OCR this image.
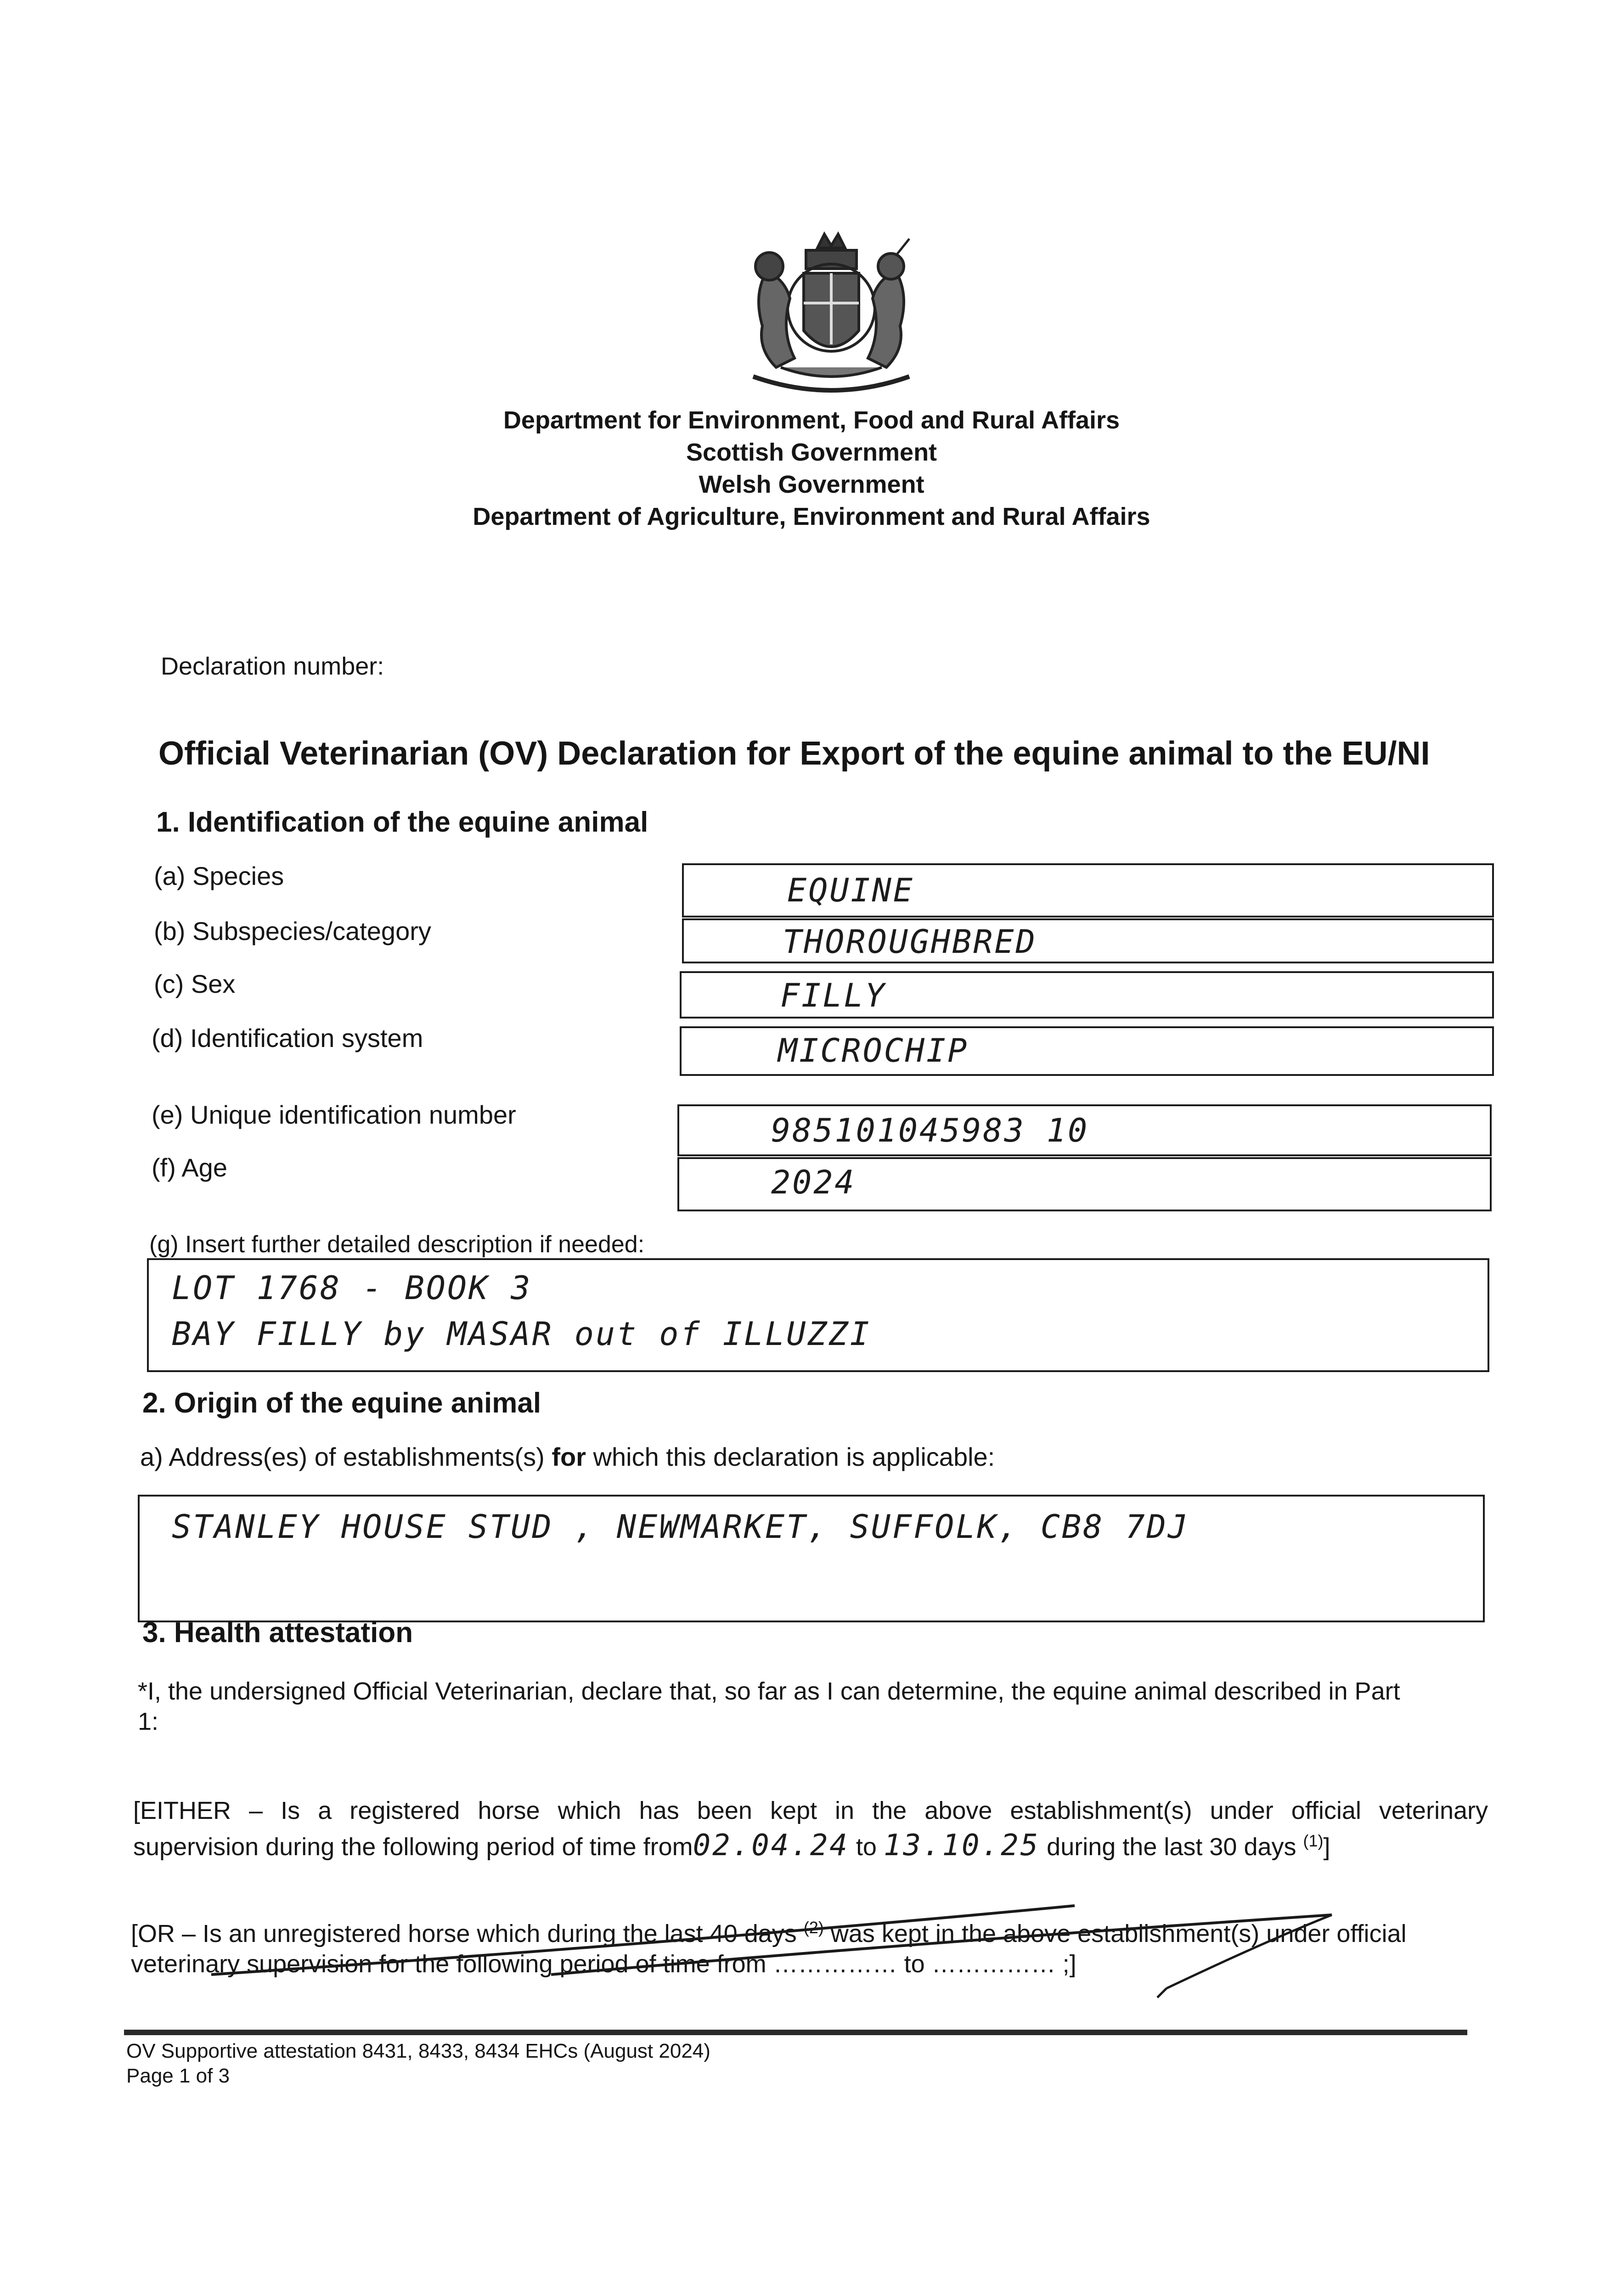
Department for Environment, Food and Rural Affairs
Scottish Government
Welsh Government
Department of Agriculture, Environment and Rural Affairs
Declaration number:
Official Veterinarian (OV) Declaration for Export of the equine animal to the EU/NI
1. Identification of the equine animal
(a) Species	EQUINE
(b) Subspecies/category	THOROUGHBRED
(c) Sex	FILLY
(d) Identification system	MICROCHIP
(e) Unique identification number	985101045983 10
(f) Age	2024
(g) Insert further detailed description if needed:
LOT 1768 - BOOK 3
BAY FILLY by MASAR out of ILLUZZI
2. Origin of the equine animal
a) Address(es) of establishments(s) for which this declaration is applicable:
STANLEY HOUSE STUD , NEWMARKET, SUFFOLK, CB8 7DJ
3. Health attestation
*I, the undersigned Official Veterinarian, declare that, so far as I can determine, the equine animal described in Part
1:
[EITHER – Is a registered horse which has been kept in the above establishment(s) under official veterinary
supervision during the following period of time from02.04.24 to 13.10.25 during the last 30 days $^{(1)}$]
[OR – Is an unregistered horse which during the last 40 days $^{(2)}$ was kept in the above establishment(s) under official
veterinary supervision for the following period of time from …………… to …………… ;]
OV Supportive attestation 8431, 8433, 8434 EHCs (August 2024)
Page 1 of 3
